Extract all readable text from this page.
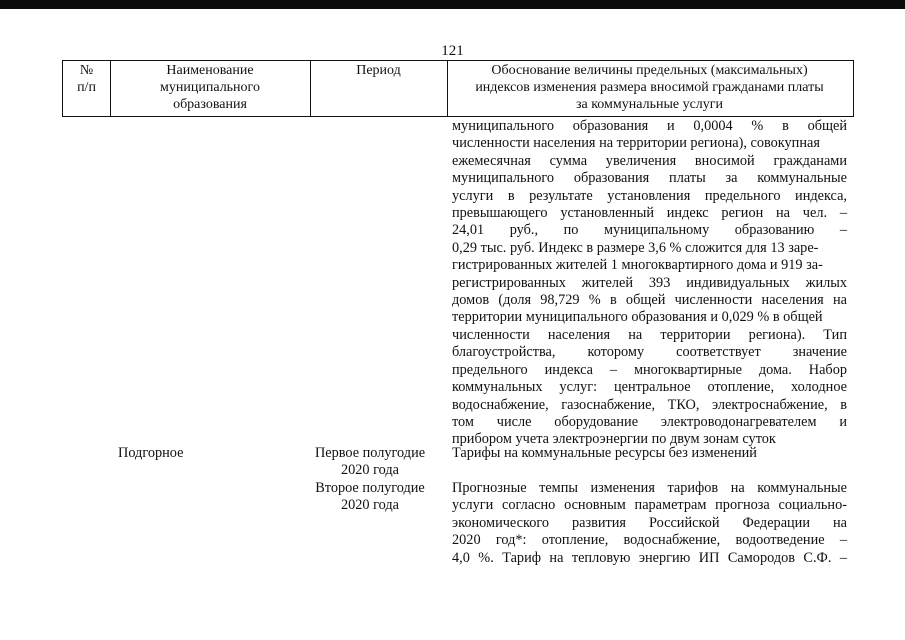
121
№
п/п
Наименование
муниципального
образования
Период	Обоснование величины предельных (максимальных)
индексов изменения размера вносимой гражданами платы
за коммунальные услуги
муниципального образования и 0,0004 % в общей
численности населения на территории региона), совокупная
ежемесячная сумма увеличения вносимой гражданами
муниципального образования платы за коммунальные
услуги в результате установления предельного индекса,
превышающего установленный индекс регион на чел. –
24,01 руб., по муниципальному образованию –
0,29 тыс. руб. Индекс в размере 3,6 % сложится для 13 заре-
гистрированных жителей 1 многоквартирного дома и 919 за-
регистрированных жителей 393 индивидуальных жилых
домов (доля 98,729 % в общей численности населения на
территории муниципального образования и 0,029 % в общей
численности населения на территории региона). Тип
благоустройства, которому соответствует значение
предельного индекса – многоквартирные дома. Набор
коммунальных услуг: центральное отопление, холодное
водоснабжение, газоснабжение, ТКО, электроснабжение, в
том числе оборудование электроводонагревателем и
прибором учета электроэнергии по двум зонам суток
Подгорное	Первое полугодие
2020 года
Тарифы на коммунальные ресурсы без изменений
Второе полугодие
2020 года
Прогнозные темпы изменения тарифов на коммунальные
услуги согласно основным параметрам прогноза социально-
экономического развития Российской Федерации на
2020 год*: отопление, водоснабжение, водоотведение –
4,0 %. Тариф на тепловую энергию ИП Самородов С.Ф. –
